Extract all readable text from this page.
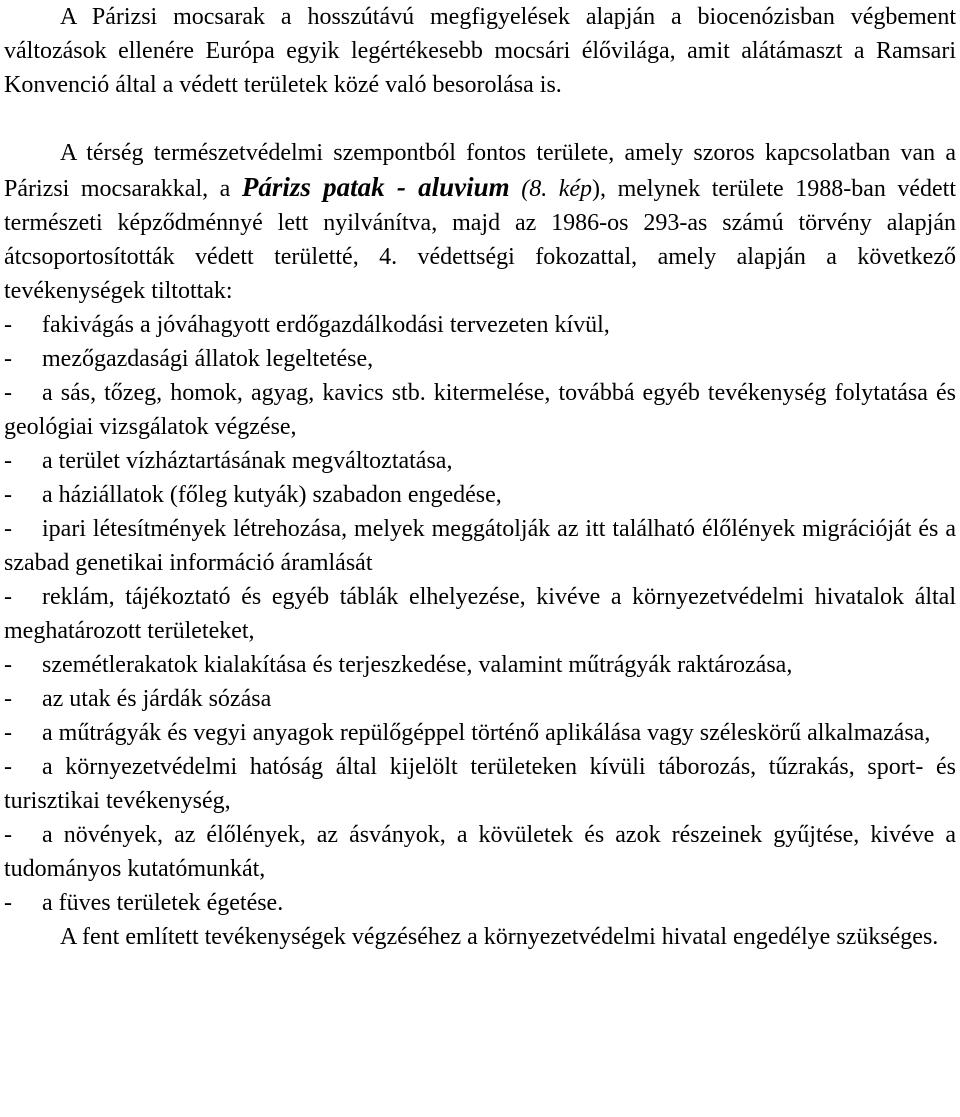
A Párizsi mocsarak a hosszútávú megfigyelések alapján a biocenózisban végbement változások ellenére Európa egyik legértékesebb mocsári élővilága, amit alátámaszt a Ramsari Konvenció által a védett területek közé való besorolása is.

A térség természetvédelmi szempontból fontos területe, amely szoros kapcsolatban van a Párizsi mocsarakkal, a Párizs patak - aluvium (8. kép), melynek területe 1988-ban védett természeti képződménnyé lett nyilvánítva, majd az 1986-os 293-as számú törvény alapján átcsoportosították védett területté, 4. védettségi fokozattal, amely alapján a következő tevékenységek tiltottak:

- fakivágás a jóváhagyott erdőgazdálkodási tervezeten kívül,

- mezőgazdasági állatok legeltetése,

- a sás, tőzeg, homok, agyag, kavics stb. kitermelése, továbbá egyéb tevékenység folytatása és geológiai vizsgálatok végzése,

- a terület vízháztartásának megváltoztatása,

- a háziállatok (főleg kutyák) szabadon engedése,

- ipari létesítmények létrehozása, melyek meggátolják az itt található élőlények migrációját és a szabad genetikai információ áramlását

- reklám, tájékoztató és egyéb táblák elhelyezése, kivéve a környezetvédelmi hivatalok által meghatározott területeket,

- szemétlerakatok kialakítása és terjeszkedése, valamint műtrágyák raktározása,

- az utak és járdák sózása

- a műtrágyák és vegyi anyagok repülőgéppel történő aplikálása vagy széleskörű alkalmazása,

- a környezetvédelmi hatóság által kijelölt területeken kívüli táborozás, tűzrakás, sport- és turisztikai tevékenység,

- a növények, az élőlények, az ásványok, a kövületek és azok részeinek gyűjtése, kivéve a tudományos kutatómunkát,

- a füves területek égetése.

A fent említett tevékenységek végzéséhez a környezetvédelmi hivatal engedélye szükséges.
